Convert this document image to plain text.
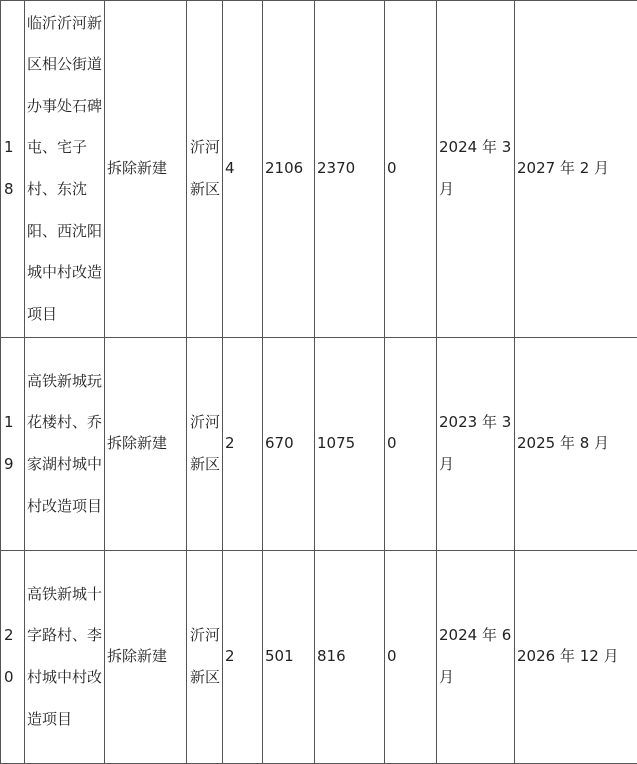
18	临沂沂河新区相公街道办事处石碑屯、宅子村、东沈阳、西沈阳城中村改造项目	拆除新建	沂河新区	4	2106	2370	0	2024 年 3 月	2027 年 2 月
19	高铁新城玩花楼村、乔家湖村城中村改造项目	拆除新建	沂河新区	2	670	1075	0	2023 年 3 月	2025 年 8 月
20	高铁新城十字路村、李村城中村改造项目	拆除新建	沂河新区	2	501	816	0	2024 年 6 月	2026 年 12 月
